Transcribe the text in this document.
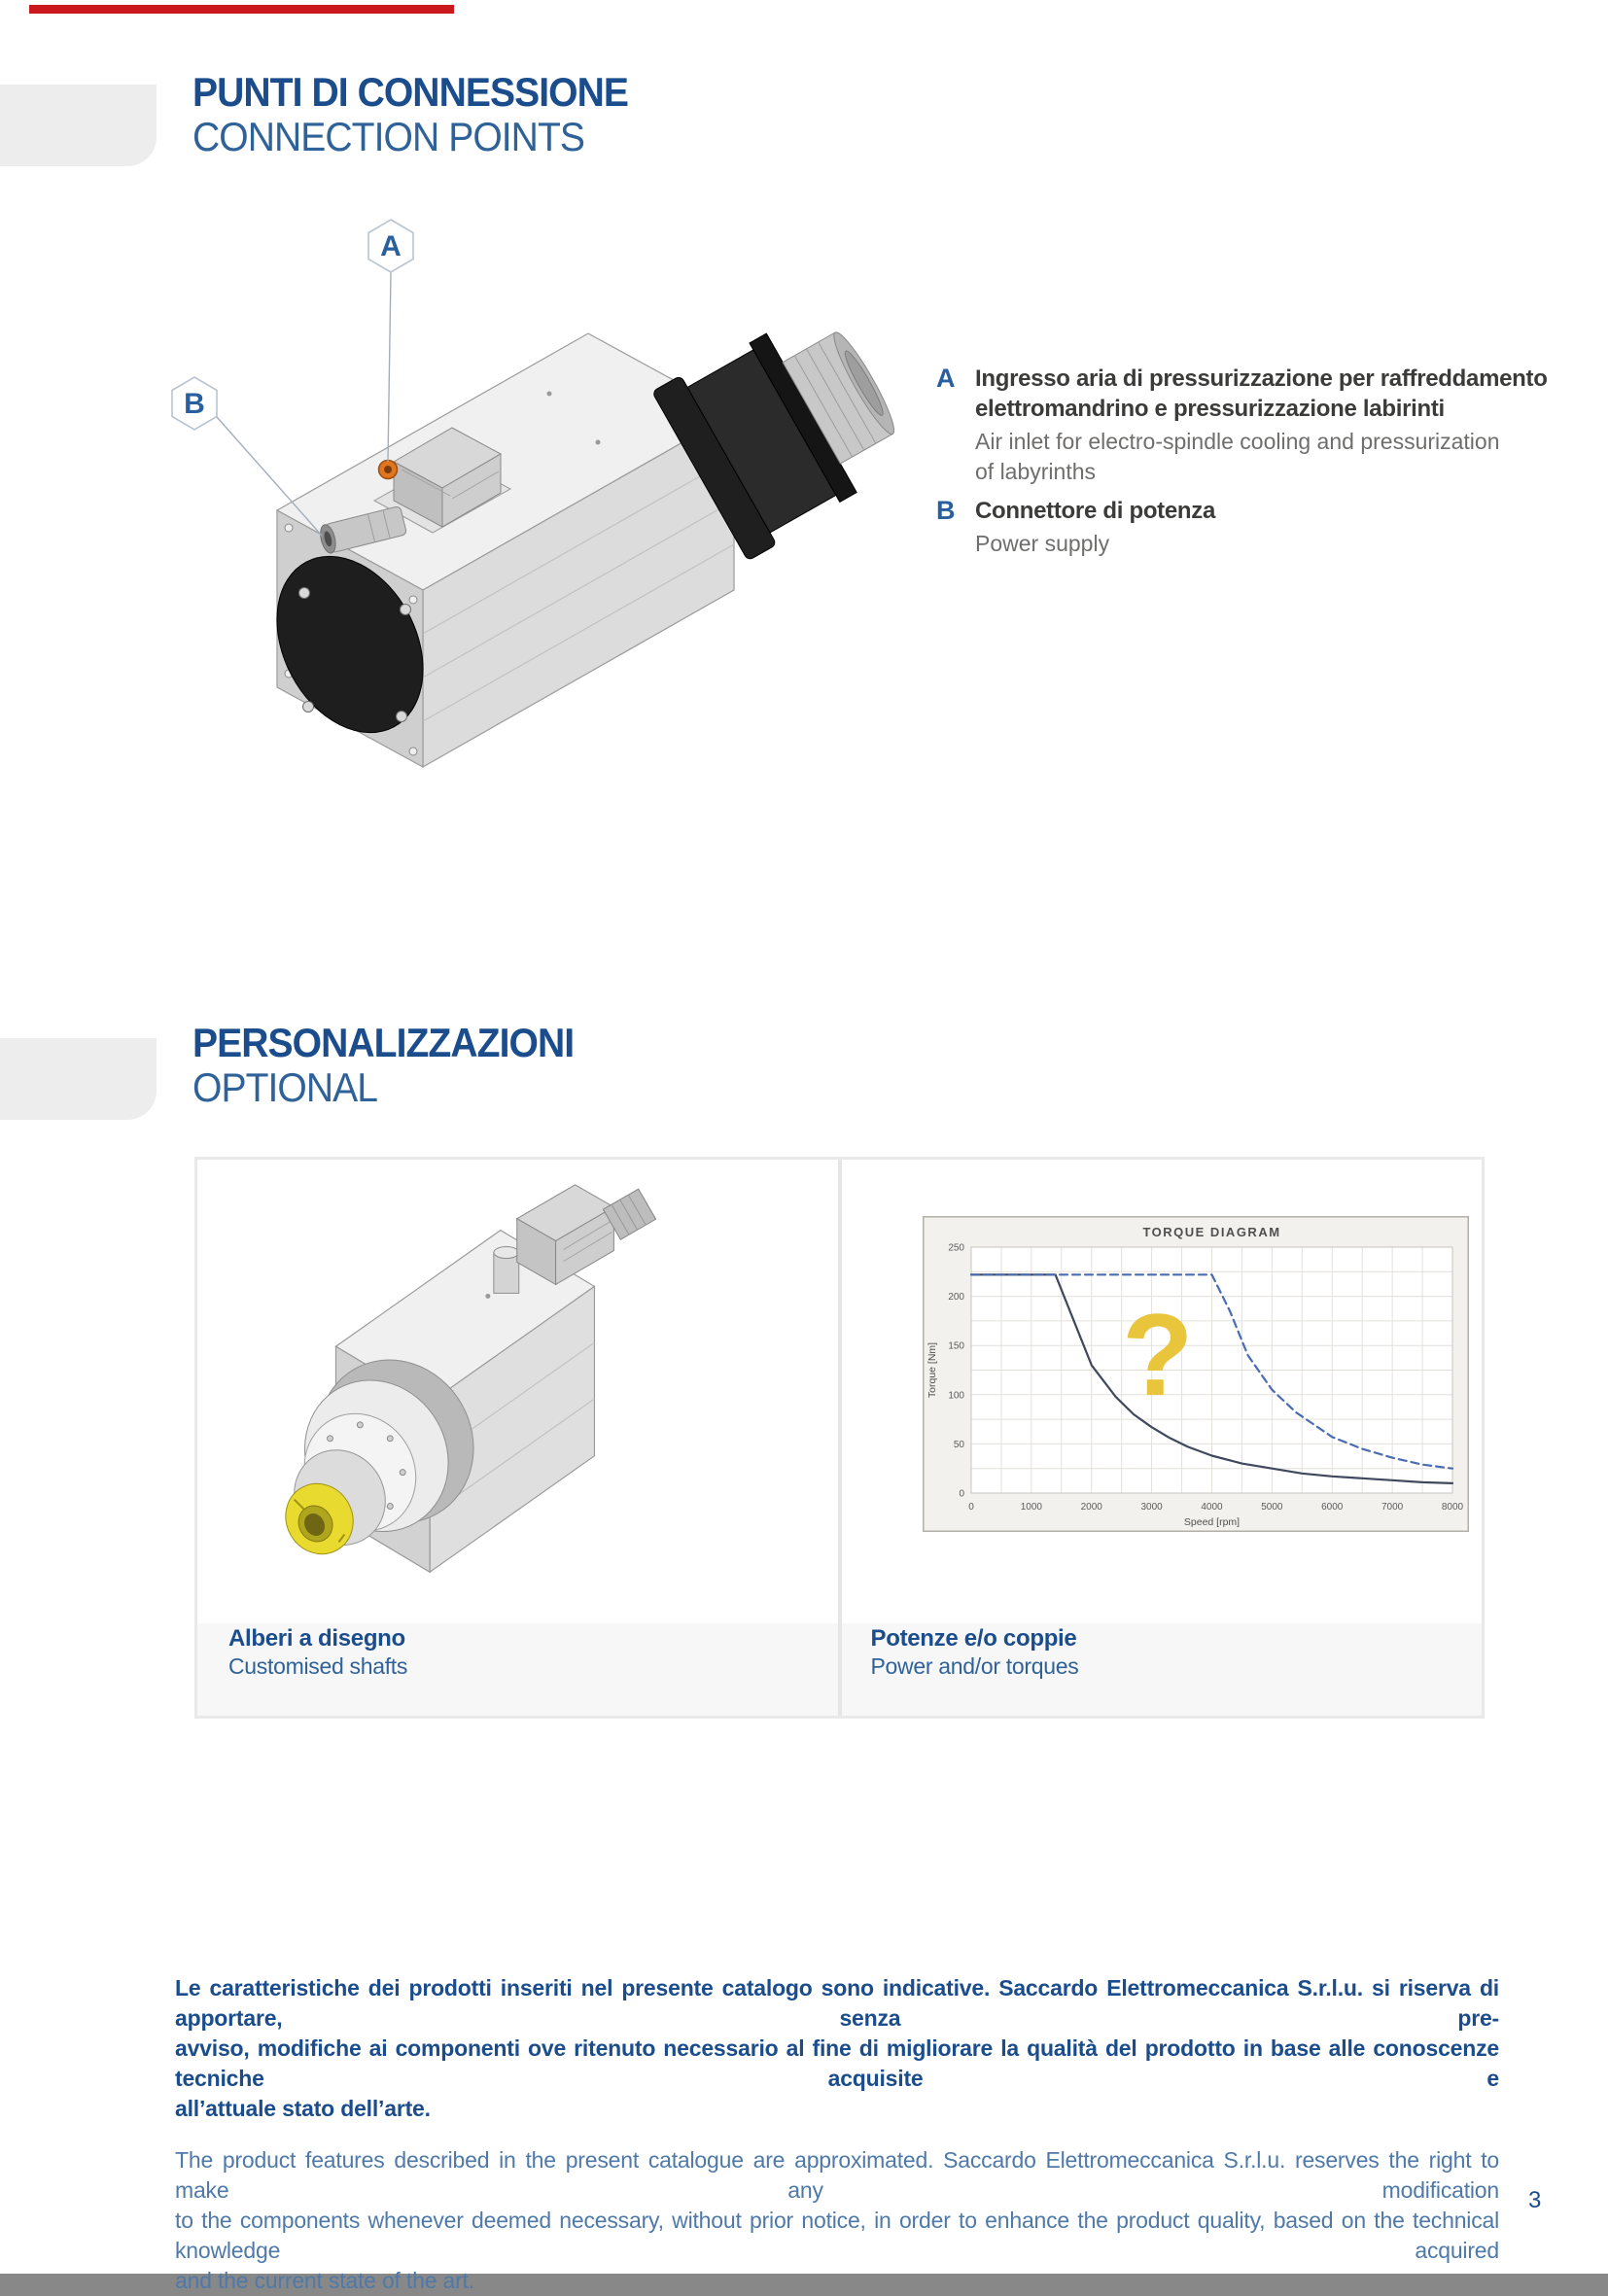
PUNTI DI CONNESSIONE
CONNECTION POINTS
A
B
A Ingresso aria di pressurizzazione per raffreddamento
elettromandrino e pressurizzazione labirinti
Air inlet for electro-spindle cooling and pressurization
of labyrinths
B Connettore di potenza
Power supply
PERSONALIZZAZIONI
OPTIONAL
Alberi a disegno
Customised shafts
0	1000	2000	3000	4000	5000	6000	7000	8000
0
50
100
150
200
250
?
TORQUE DIAGRAM
Speed [rpm]
Torque [Nm]
Potenze e/o coppie
Power and/or torques
Le caratteristiche dei prodotti inseriti nel presente catalogo sono indicative. Saccardo Elettromeccanica S.r.l.u. si riserva di apportare, senza pre-
avviso, modifiche ai componenti ove ritenuto necessario al fine di migliorare la qualità del prodotto in base alle conoscenze tecniche acquisite e
all’attuale stato dell’arte.
The product features described in the present catalogue are approximated. Saccardo Elettromeccanica S.r.l.u. reserves the right to make any modification
to the components whenever deemed necessary, without prior notice, in order to enhance the product quality, based on the technical knowledge acquired
and the current state of the art.
3
